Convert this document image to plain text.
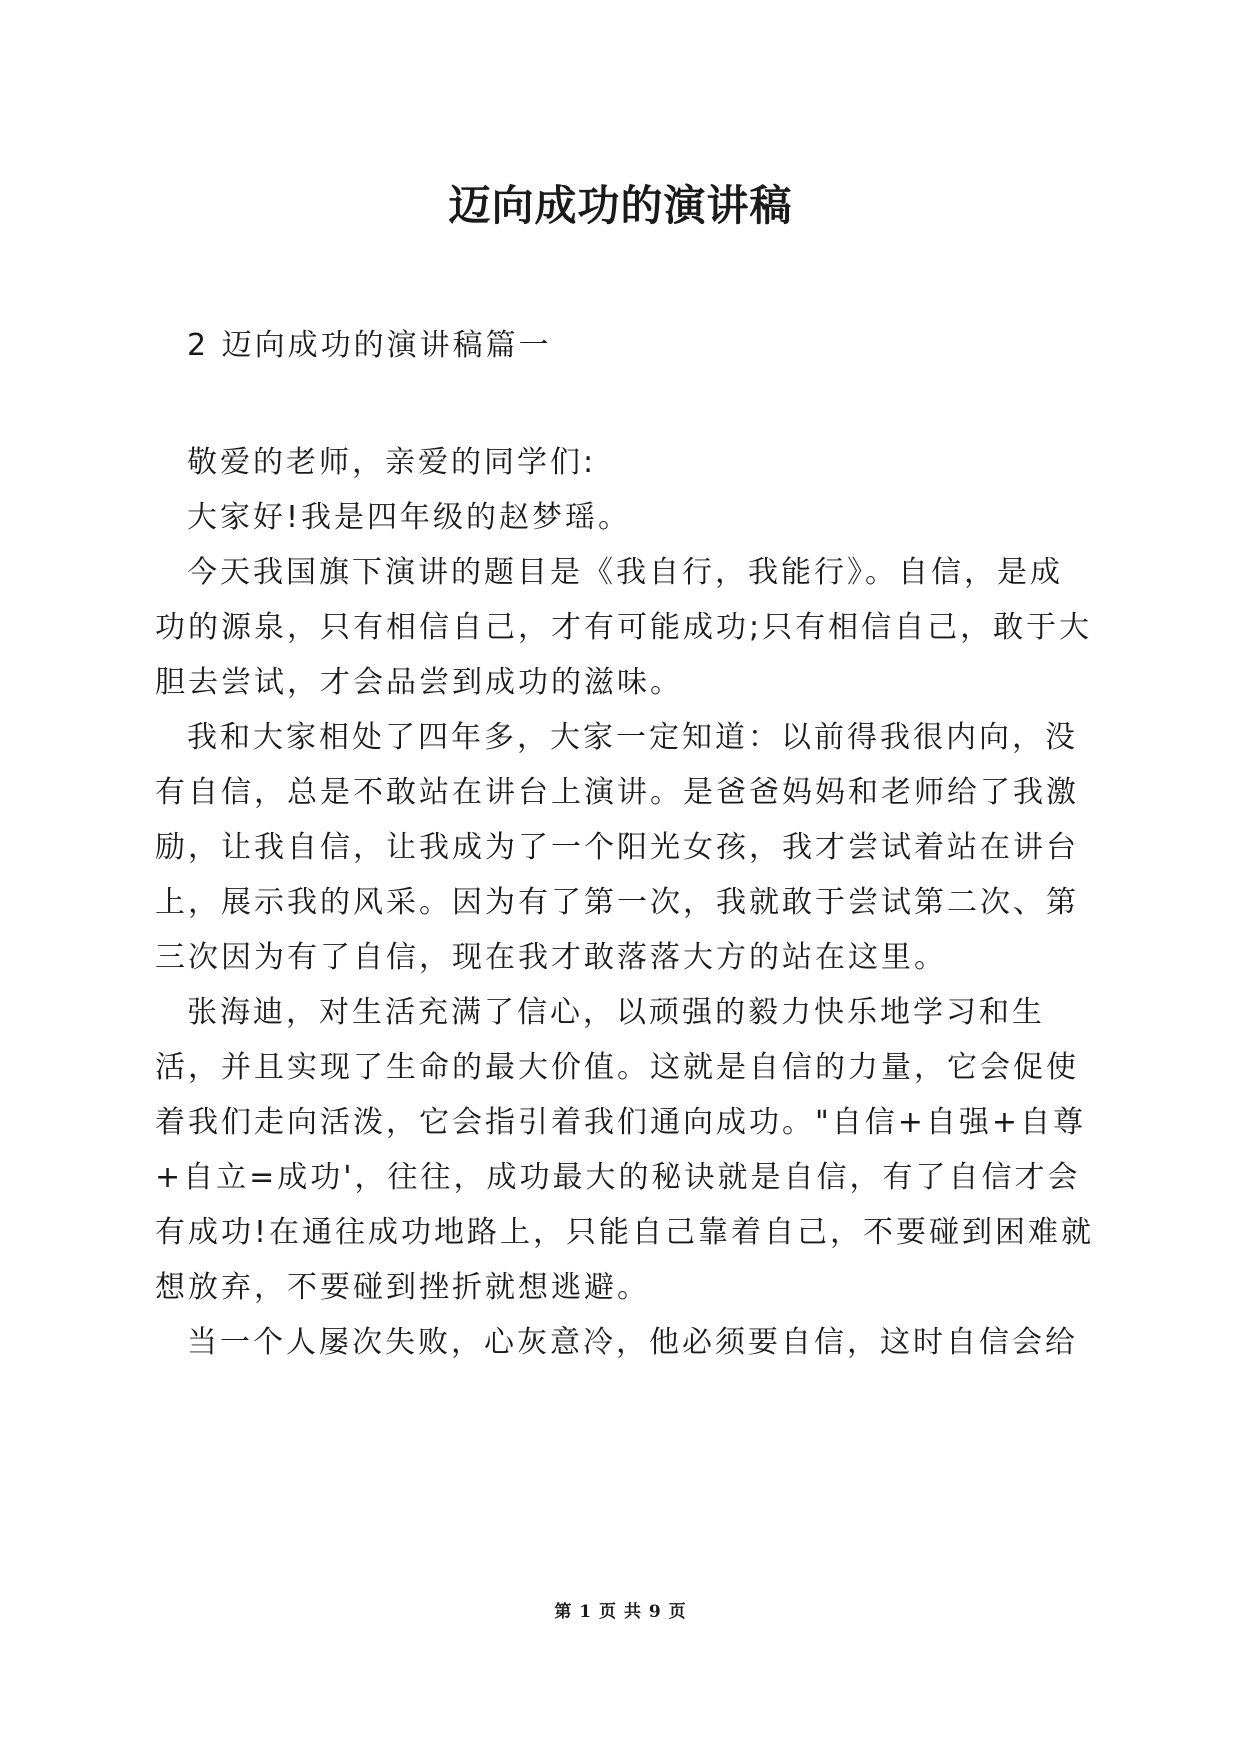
迈向成功的演讲稿

2 迈向成功的演讲稿篇一

敬爱的老师，亲爱的同学们:

大家好!我是四年级的赵梦瑶。

今天我国旗下演讲的题目是《我自行，我能行》。自信，是成功的源泉，只有相信自己，才有可能成功;只有相信自己，敢于大胆去尝试，才会品尝到成功的滋味。

我和大家相处了四年多，大家一定知道：以前得我很内向，没有自信，总是不敢站在讲台上演讲。是爸爸妈妈和老师给了我激励，让我自信，让我成为了一个阳光女孩，我才尝试着站在讲台上，展示我的风采。因为有了第一次，我就敢于尝试第二次、第三次因为有了自信，现在我才敢落落大方的站在这里。

张海迪，对生活充满了信心，以顽强的毅力快乐地学习和生活，并且实现了生命的最大价值。这就是自信的力量，它会促使着我们走向活泼，它会指引着我们通向成功。"自信+自强+自尊+自立=成功'，往往，成功最大的秘诀就是自信，有了自信才会有成功!在通往成功地路上，只能自己靠着自己，不要碰到困难就想放弃，不要碰到挫折就想逃避。

当一个人屡次失败，心灰意冷，他必须要自信，这时自信会给

第 1 页 共 9 页
